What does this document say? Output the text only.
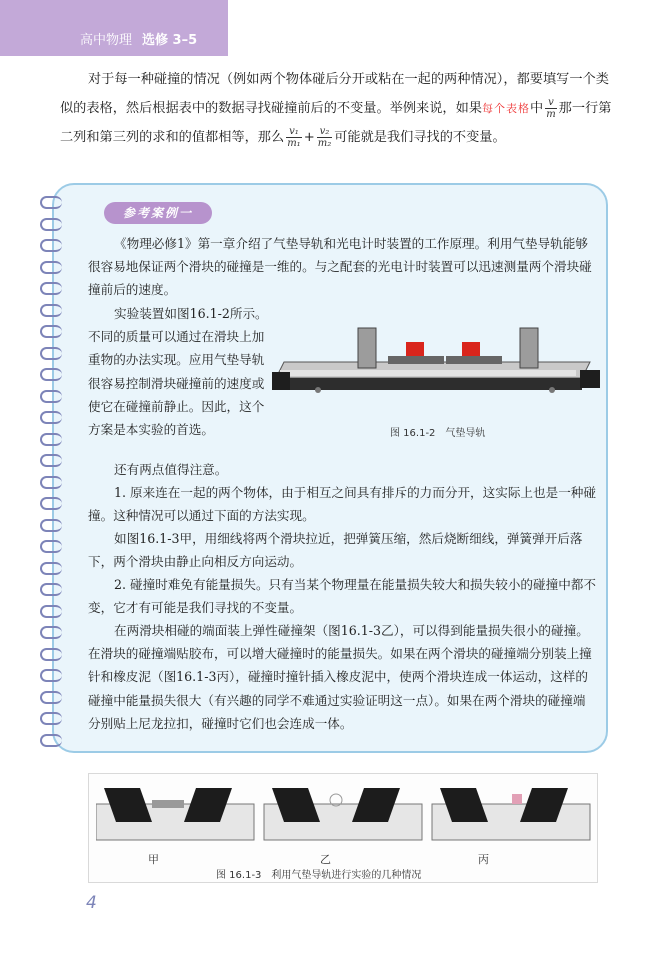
高中物理 选修 3–5

对于每一种碰撞的情况（例如两个物体碰后分开或粘在一起的两种情况），都要填写一个类似的表格，然后根据表中的数据寻找碰撞前后的不变量。举例来说，如果每个表格中 $\frac{v}{m}$ 那一行第二列和第三列的求和的值都相等，那么 $\frac{\text{v₁}}{\text{m₁}} + \frac{\text{v₂}}{\text{m₂}}$ 可能就是我们寻找的不变量。

参考案例一

《物理必修1》第一章介绍了气垫导轨和光电计时装置的工作原理。利用气垫导轨能够很容易地保证两个滑块的碰撞是一维的。与之配套的光电计时装置可以迅速测量两个滑块碰撞前后的速度。

实验装置如图16.1-2所示。不同的质量可以通过在滑块上加重物的办法实现。应用气垫导轨很容易控制滑块碰撞前的速度或使它在碰撞前静止。因此，这个方案是本实验的首选。	图 16.1-2　气垫导轨

还有两点值得注意。

1. 原来连在一起的两个物体，由于相互之间具有排斥的力而分开，这实际上也是一种碰撞。这种情况可以通过下面的方法实现。

如图16.1-3甲，用细线将两个滑块拉近，把弹簧压缩，然后烧断细线，弹簧弹开后落下，两个滑块由静止向相反方向运动。

2. 碰撞时难免有能量损失。只有当某个物理量在能量损失较大和损失较小的碰撞中都不变，它才有可能是我们寻找的不变量。

在两滑块相碰的端面装上弹性碰撞架（图16.1-3乙），可以得到能量损失很小的碰撞。在滑块的碰撞端贴胶布，可以增大碰撞时的能量损失。如果在两个滑块的碰撞端分别装上撞针和橡皮泥（图16.1-3丙），碰撞时撞针插入橡皮泥中，使两个滑块连成一体运动，这样的碰撞中能量损失很大（有兴趣的同学不难通过实验证明这一点）。如果在两个滑块的碰撞端分别贴上尼龙拉扣，碰撞时它们也会连成一体。

甲	乙	丙
图 16.1-3　利用气垫导轨进行实验的几种情况
4
